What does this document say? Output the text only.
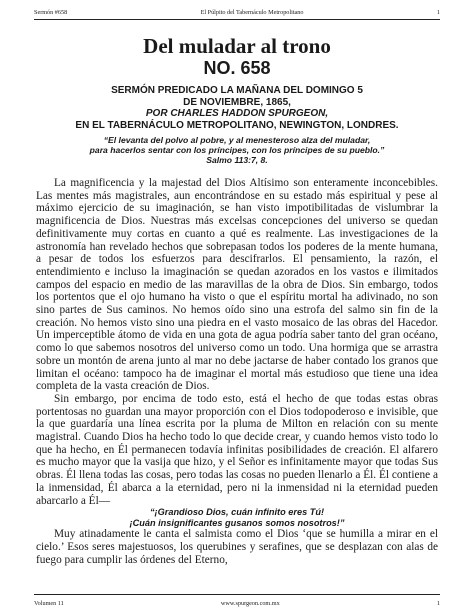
Sermón #658	El Púlpito del Tabernáculo Metropolitano	1
Del muladar al trono
NO. 658
SERMÓN PREDICADO LA MAÑANA DEL DOMINGO 5
DE NOVIEMBRE, 1865,
POR CHARLES HADDON SPURGEON,
EN EL TABERNÁCULO METROPOLITANO, NEWINGTON, LONDRES.
“El levanta del polvo al pobre, y al menesteroso alza del muladar,
para hacerlos sentar con los príncipes, con los príncipes de su pueblo.”
Salmo 113:7, 8.

La magnificencia y la majestad del Dios Altísimo son enteramente inconcebibles. Las mentes más magistrales, aun encontrándose en su estado más espiritual y pese al máximo ejercicio de su imaginación, se han visto impotibilitadas de vislumbrar la magnificencia de Dios. Nuestras más excelsas concepciones del universo se quedan definitivamente muy cortas en cuanto a qué es realmente. Las investigaciones de la astronomía han revelado hechos que sobrepasan todos los poderes de la mente humana, a pesar de todos los esfuerzos para descifrarlos. El pensamiento, la razón, el entendimiento e incluso la imaginación se quedan azorados en los vastos e ilimitados campos del espacio en medio de las maravillas de la obra de Dios. Sin embargo, todos los portentos que el ojo humano ha visto o que el espíritu mortal ha adivinado, no son sino partes de Sus caminos. No hemos oído sino una estrofa del salmo sin fin de la creación. No hemos visto sino una piedra en el vasto mosaico de las obras del Hacedor. Un imperceptible átomo de vida en una gota de agua podría saber tanto del gran océano, como lo que sabemos nosotros del universo como un todo. Una hormiga que se arrastra sobre un montón de arena junto al mar no debe jactarse de haber contado los granos que limitan el océano: tampoco ha de imaginar el mortal más estudioso que tiene una idea completa de la vasta creación de Dios.

Sin embargo, por encima de todo esto, está el hecho de que todas estas obras portentosas no guardan una mayor proporción con el Dios todopoderoso e invisible, que la que guardaría una línea escrita por la pluma de Milton en relación con su mente magistral. Cuando Dios ha hecho todo lo que decide crear, y cuando hemos visto todo lo que ha hecho, en Él permanecen todavía infinitas posibilidades de creación. El alfarero es mucho mayor que la vasija que hizo, y el Señor es infinitamente mayor que todas Sus obras. Él llena todas las cosas, pero todas las cosas no pueden llenarlo a Él. Él contiene a la inmensidad, Él abarca a la eternidad, pero ni la inmensidad ni la eternidad pueden abarcarlo a Él—

“¡Grandioso Dios, cuán infinito eres Tú!
¡Cuán insignificantes gusanos somos nosotros!”

Muy atinadamente le canta el salmista como el Dios ‘que se humilla a mirar en el cielo.’ Esos seres majestuosos, los querubines y serafines, que se desplazan con alas de fuego para cumplir las órdenes del Eterno,

Volumen 11	www.spurgeon.com.mx	1
